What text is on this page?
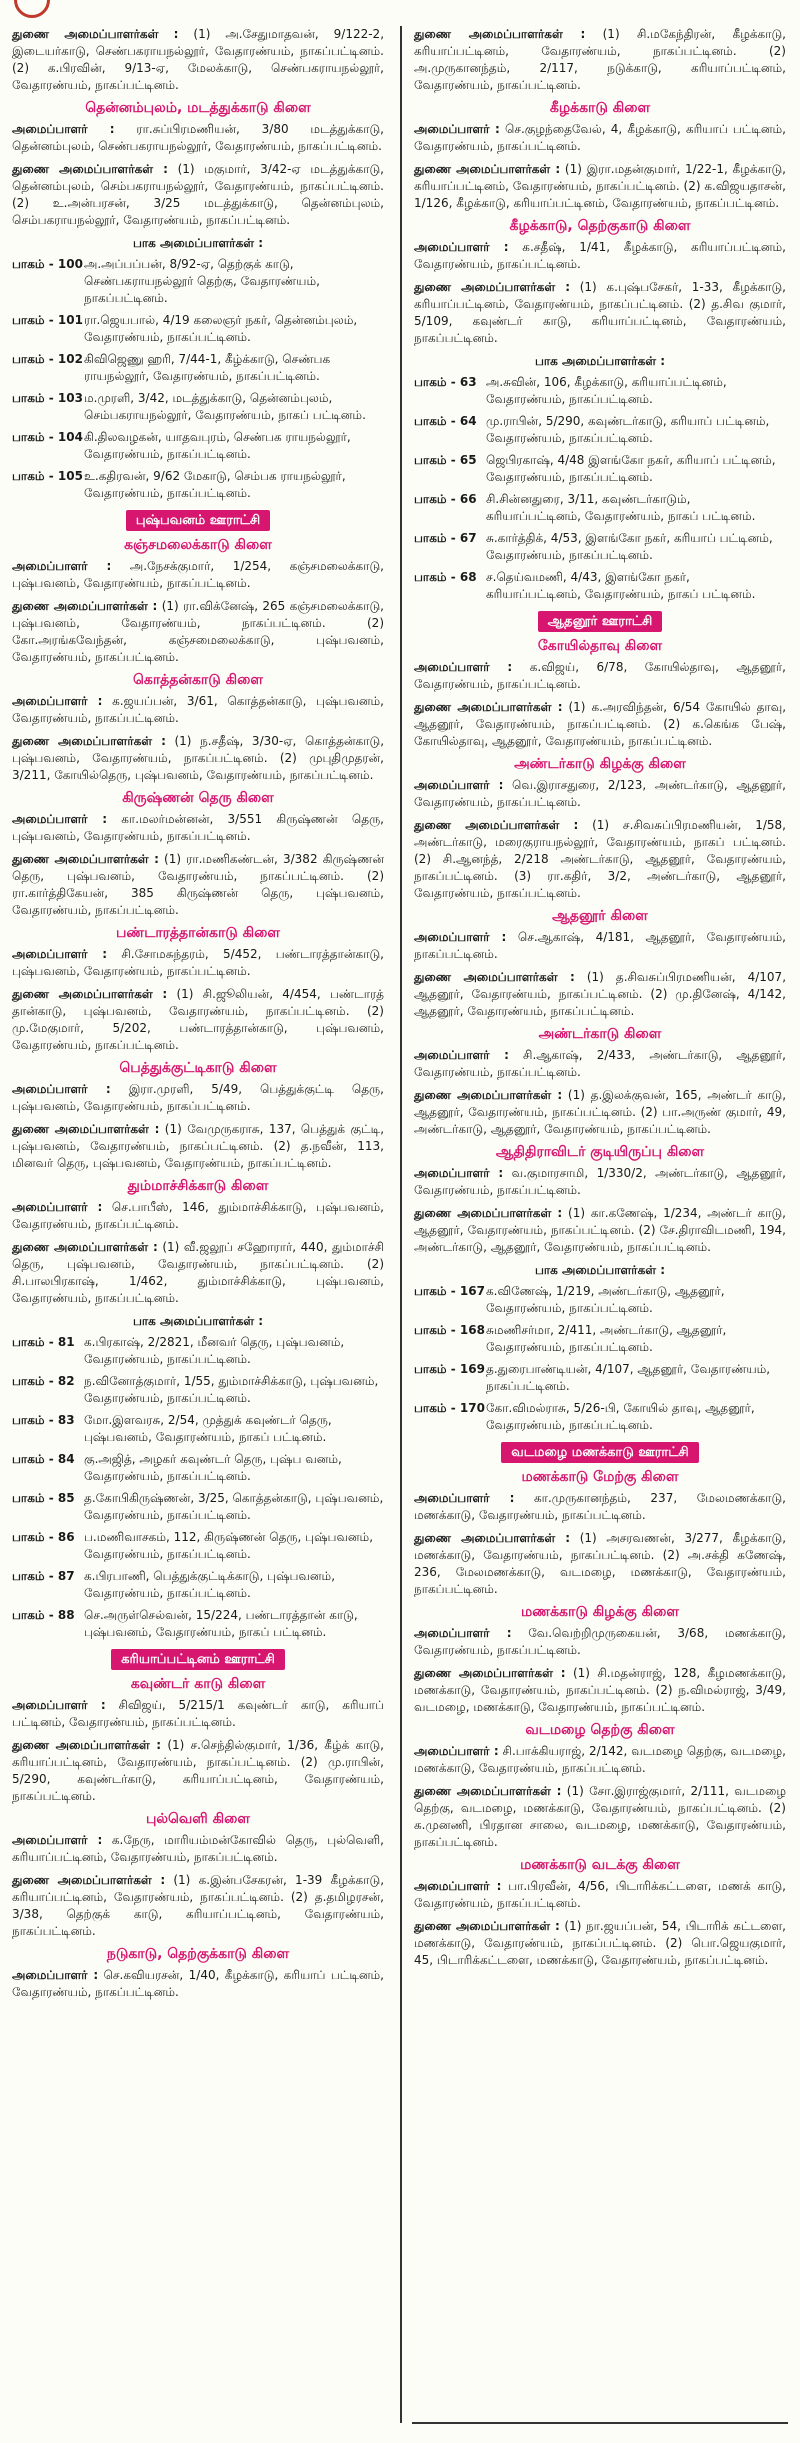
துணை அமைப்பாளர்கள் : (1) அ.சேதுமாதவன், 9/122-2, இடையர்காடு, செண்பகராயநல்லூர், வேதாரண்யம், நாகப்பட்டினம். (2) க.பிரவின், 9/13-ஏ, மேலக்காடு, செண்பகராயநல்லூர், வேதாரண்யம், நாகப்பட்டினம்.
தென்னம்புலம், மடத்துக்காடு கிளை
அமைப்பாளர் : ரா.சுப்பிரமணியன், 3/80 மடத்துக்காடு, தென்னம்புலம், செண்பகராயநல்லூர், வேதாரண்யம், நாகப்பட்டினம்.
துணை அமைப்பாளர்கள் : (1) மகுமார், 3/42-ஏ மடத்துக்காடு, தென்னம்புலம், செம்பகராயநல்லூர், வேதாரண்யம், நாகப்பட்டினம். (2) உ.அன்பரசன், 3/25 மடத்துக்காடு, தென்னம்புலம், செம்பகராயநல்லூர், வேதாரண்யம், நாகப்பட்டினம்.
பாக அமைப்பாளர்கள் :
பாகம் - 100 அ.அப்பப்பன், 8/92-ஏ, தெற்குக் காடு, செண்பகராயநல்லூர் தெற்கு, வேதாரண்யம், நாகப்பட்டினம்.
பாகம் - 101 ரா.ஜெயபால், 4/19 கலைஞர் நகர், தென்னம்புலம், வேதாரண்யம், நாகப்பட்டினம்.
பாகம் - 102 கிவிஜெணு ஹரி, 7/44-1, கீழ்க்காடு, செண்பக ராயநல்லூர், வேதாரண்யம், நாகப்பட்டினம்.
பாகம் - 103 ம.முரளி, 3/42, மடத்துக்காடு, தென்னம்புலம், செம்பகராயநல்லூர், வேதாரண்யம், நாகப் பட்டினம்.
பாகம் - 104 கி.திலவழகன், யாதவபுரம், செண்பக ராயநல்லூர், வேதாரண்யம், நாகப்பட்டினம்.
பாகம் - 105 உ.கதிரவன், 9/62 மேகாடு, செம்பக ராயநல்லூர், வேதாரண்யம், நாகப்பட்டினம்.
புஷ்பவனம் ஊராட்சி
கஞ்சமலைக்காடு கிளை
அமைப்பாளர் : அ.நேசக்குமார், 1/254, கஞ்சமலைக்காடு, புஷ்பவனம், வேதாரண்யம், நாகப்பட்டினம்.
துணை அமைப்பாளர்கள் : (1) ரா.விக்னேஷ், 265 கஞ்சமலைக்காடு, புஷ்பவனம், வேதாரண்யம், நாகப்பட்டினம். (2) கோ.அரங்கவேந்தன், கஞ்சமைலைக்காடு, புஷ்பவனம், வேதாரண்யம், நாகப்பட்டினம்.
கொத்தன்காடு கிளை
அமைப்பாளர் : க.ஜயப்பன், 3/61, கொத்தன்காடு, புஷ்பவனம், வேதாரண்யம், நாகப்பட்டினம்.
துணை அமைப்பாளர்கள் : (1) ந.சதீஷ், 3/30-ஏ, கொத்தன்காடு, புஷ்பவனம், வேதாரண்யம், நாகப்பட்டினம். (2) முபுதிமுதரன், 3/211, கோயில்தெரு, புஷ்பவனம், வேதாரண்யம், நாகப்பட்டினம்.
கிருஷ்ணன் தெரு கிளை
அமைப்பாளர் : கா.மலர்மன்னன், 3/551 கிருஷ்ணன் தெரு, புஷ்பவனம், வேதாரண்யம், நாகப்பட்டினம்.
துணை அமைப்பாளர்கள் : (1) ரா.மணிகண்டன், 3/382 கிருஷ்ணன் தெரு, புஷ்பவனம், வேதாரண்யம், நாகப்பட்டினம். (2) ரா.கார்த்திகேயன், 385 கிருஷ்ணன் தெரு, புஷ்பவனம், வேதாரண்யம், நாகப்பட்டினம்.
பண்டாரத்தான்காடு கிளை
அமைப்பாளர் : சி.சோமசுந்தரம், 5/452, பண்டாரத்தான்காடு, புஷ்பவனம், வேதாரண்யம், நாகப்பட்டினம்.
துணை அமைப்பாளர்கள் : (1) சி.ஜூலியன், 4/454, பண்டாரத் தான்காடு, புஷ்பவனம், வேதாரண்யம், நாகப்பட்டினம். (2) மு.மேகுமார், 5/202, பண்டாரத்தான்காடு, புஷ்பவனம், வேதாரண்யம், நாகப்பட்டினம்.
பெத்துக்குட்டிகாடு கிளை
அமைப்பாளர் : இரா.முரளி, 5/49, பெத்துக்குட்டி தெரு, புஷ்பவனம், வேதாரண்யம், நாகப்பட்டினம்.
துணை அமைப்பாளர்கள் : (1) வேமுருகராசு, 137, பெத்துக் குட்டி, புஷ்பவனம், வேதாரண்யம், நாகப்பட்டினம். (2) த.நவீன், 113, மினவர் தெரு, புஷ்பவனம், வேதாரண்யம், நாகப்பட்டினம்.
தும்மாச்சிக்காடு கிளை
அமைப்பாளர் : செ.பாபீஸ், 146, தும்மாச்சிக்காடு, புஷ்பவனம், வேதாரண்யம், நாகப்பட்டினம்.
துணை அமைப்பாளர்கள் : (1) வீ.ஜலூப் சஹோரார், 440, தும்மாச்சி தெரு, புஷ்பவனம், வேதாரண்யம், நாகப்பட்டினம். (2) சி.பாலபிரகாஷ், 1/462, தும்மாச்சிக்காடு, புஷ்பவனம், வேதாரண்யம், நாகப்பட்டினம்.
பாக அமைப்பாளர்கள் :
பாகம் - 81 க.பிரகாஷ், 2/2821, மீனவர் தெரு, புஷ்பவனம், வேதாரண்யம், நாகப்பட்டினம்.
பாகம் - 82 ந.வினோத்குமார், 1/55, தும்மாச்சிக்காடு, புஷ்பவனம், வேதாரண்யம், நாகப்பட்டினம்.
பாகம் - 83 மோ.இளவரசு, 2/54, முத்துக் கவுண்டர் தெரு, புஷ்பவனம், வேதாரண்யம், நாகப் பட்டினம்.
பாகம் - 84 கு.அஜித், அழகர் கவுண்டர் தெரு, புஷ்ப வனம், வேதாரண்யம், நாகப்பட்டினம்.
பாகம் - 85 த.கோபிகிருஷ்ணன், 3/25, கொத்தன்காடு, புஷ்பவனம், வேதாரண்யம், நாகப்பட்டினம்.
பாகம் - 86 ப.மணிவாசகம், 112, கிருஷ்ணன் தெரு, புஷ்பவனம், வேதாரண்யம், நாகப்பட்டினம்.
பாகம் - 87 க.பிரபாணி, பெத்துக்குட்டிக்காடு, புஷ்பவனம், வேதாரண்யம், நாகப்பட்டினம்.
பாகம் - 88 செ.அருள்செல்வன், 15/224, பண்டாரத்தான் காடு, புஷ்பவனம், வேதாரண்யம், நாகப் பட்டினம்.
கரியாப்பட்டினம் ஊராட்சி
கவுண்டர் காடு கிளை
அமைப்பாளர் : சிவிஜய், 5/215/1 கவுண்டர் காடு, கரியாப் பட்டினம், வேதாரண்யம், நாகப்பட்டினம்.
துணை அமைப்பாளர்கள் : (1) ச.செந்தில்குமார், 1/36, கீழ்க் காடு, கரியாப்பட்டினம், வேதாரண்யம், நாகப்பட்டினம். (2) மு.ராபின், 5/290, கவுண்டர்காடு, கரியாப்பட்டினம், வேதாரண்யம், நாகப்பட்டினம்.
புல்வெளி கிளை
அமைப்பாளர் : க.நேரு, மாரியம்மன்கோவில் தெரு, புல்வெளி, கரியாப்பட்டினம், வேதாரண்யம், நாகப்பட்டினம்.
துணை அமைப்பாளர்கள் : (1) க.இன்பசேகரன், 1-39 கீழக்காடு, கரியாப்பட்டினம், வேதாரண்யம், நாகப்பட்டினம். (2) த.தமிழரசன், 3/38, தெற்குக் காடு, கரியாப்பட்டினம், வேதாரண்யம், நாகப்பட்டினம்.
நடுகாடு, தெற்குக்காடு கிளை
அமைப்பாளர் : செ.கவியரசன், 1/40, கீழக்காடு, கரியாப் பட்டினம், வேதாரண்யம், நாகப்பட்டினம்.
துணை அமைப்பாளர்கள் : (1) சி.மகேந்திரன், கீழக்காடு, கரியாப்பட்டினம், வேதாரண்யம், நாகப்பட்டினம். (2) அ.முருகானந்தம், 2/117, நடுக்காடு, கரியாப்பட்டினம், வேதாரண்யம், நாகப்பட்டினம்.
கீழக்காடு கிளை
அமைப்பாளர் : செ.குழந்தைவேல், 4, கீழக்காடு, கரியாப் பட்டினம், வேதாரண்யம், நாகப்பட்டினம்.
துணை அமைப்பாளர்கள் : (1) இரா.மதன்குமார், 1/22-1, கீழக்காடு, கரியாப்பட்டினம், வேதாரண்யம், நாகப்பட்டினம். (2) க.விஜயதாசன், 1/126, கீழக்காடு, கரியாப்பட்டினம், வேதாரண்யம், நாகப்பட்டினம்.
கீழக்காடு, தெற்குகாடு கிளை
அமைப்பாளர் : க.சதீஷ், 1/41, கீழக்காடு, கரியாப்பட்டினம், வேதாரண்யம், நாகப்பட்டினம்.
துணை அமைப்பாளர்கள் : (1) க.புஷ்பசேகர், 1-33, கீழக்காடு, கரியாப்பட்டினம், வேதாரண்யம், நாகப்பட்டினம். (2) த.சிவ குமார், 5/109, கவுண்டர் காடு, கரியாப்பட்டினம், வேதாரண்யம், நாகப்பட்டினம்.
பாக அமைப்பாளர்கள் :
பாகம் - 63 அ.சுவின், 106, கீழக்காடு, கரியாப்பட்டினம், வேதாரண்யம், நாகப்பட்டினம்.
பாகம் - 64 மு.ராபின், 5/290, கவுண்டர்காடு, கரியாப் பட்டினம், வேதாரண்யம், நாகப்பட்டினம்.
பாகம் - 65 ஜெபிரகாஷ், 4/48 இளங்கோ நகர், கரியாப் பட்டினம், வேதாரண்யம், நாகப்பட்டினம்.
பாகம் - 66 சி.சின்னதுரை, 3/11, கவுண்டர்காடும், கரியாப்பட்டினம், வேதாரண்யம், நாகப் பட்டினம்.
பாகம் - 67 சு.கார்த்திக், 4/53, இளங்கோ நகர், கரியாப் பட்டினம், வேதாரண்யம், நாகப்பட்டினம்.
பாகம் - 68 ச.தெய்வமணி, 4/43, இளங்கோ நகர், கரியாப்பட்டினம், வேதாரண்யம், நாகப் பட்டினம்.
ஆதனூர் ஊராட்சி
கோயில்தாவு கிளை
அமைப்பாளர் : க.விஜய், 6/78, கோயில்தாவு, ஆதனூர், வேதாரண்யம், நாகப்பட்டினம்.
துணை அமைப்பாளர்கள் : (1) க.அரவிந்தன், 6/54 கோயில் தாவு, ஆதனூர், வேதாரண்யம், நாகப்பட்டினம். (2) க.கெங்க பேஷ், கோயில்தாவு, ஆதனூர், வேதாரண்யம், நாகப்பட்டினம்.
அண்டர்காடு கிழக்கு கிளை
அமைப்பாளர் : வெ.இராசதுரை, 2/123, அண்டர்காடு, ஆதனூர், வேதாரண்யம், நாகப்பட்டினம்.
துணை அமைப்பாளர்கள் : (1) ச.சிவசுப்பிரமணியன், 1/58, அண்டர்காடு, மரைகுராயநல்லூர், வேதாரண்யம், நாகப் பட்டினம். (2) சி.ஆனந்த், 2/218 அண்டர்காடு, ஆதனூர், வேதாரண்யம், நாகப்பட்டினம். (3) ரா.கதிர், 3/2, அண்டர்காடு, ஆதனூர், வேதாரண்யம், நாகப்பட்டினம்.
ஆதனூர் கிளை
அமைப்பாளர் : செ.ஆகாஷ், 4/181, ஆதனூர், வேதாரண்யம், நாகப்பட்டினம்.
துணை அமைப்பாளர்கள் : (1) த.சிவசுப்பிரமணியன், 4/107, ஆதனூர், வேதாரண்யம், நாகப்பட்டினம். (2) மு.தினேஷ், 4/142, ஆதனூர், வேதாரண்யம், நாகப்பட்டினம்.
அண்டர்காடு கிளை
அமைப்பாளர் : சி.ஆகாஷ், 2/433, அண்டர்காடு, ஆதனூர், வேதாரண்யம், நாகப்பட்டினம்.
துணை அமைப்பாளர்கள் : (1) த.இலக்குவன், 165, அண்டர் காடு, ஆதனூர், வேதாரண்யம், நாகப்பட்டினம். (2) பா.அருண் குமார், 49, அண்டர்காடு, ஆதனூர், வேதாரண்யம், நாகப்பட்டினம்.
ஆதிதிராவிடர் குடியிருப்பு கிளை
அமைப்பாளர் : வ.குமாரசாமி, 1/330/2, அண்டர்காடு, ஆதனூர், வேதாரண்யம், நாகப்பட்டினம்.
துணை அமைப்பாளர்கள் : (1) கா.கணேஷ், 1/234, அண்டர் காடு, ஆதனூர், வேதாரண்யம், நாகப்பட்டினம். (2) சே.திராவிடமணி, 194, அண்டர்காடு, ஆதனூர், வேதாரண்யம், நாகப்பட்டினம்.
பாக அமைப்பாளர்கள் :
பாகம் - 167 க.விணேஷ், 1/219, அண்டர்காடு, ஆதனூர், வேதாரண்யம், நாகப்பட்டினம்.
பாகம் - 168 சுமணிசர்மா, 2/411, அண்டர்காடு, ஆதனூர், வேதாரண்யம், நாகப்பட்டினம்.
பாகம் - 169 த.துரைபாண்டியன், 4/107, ஆதனூர், வேதாரண்யம், நாகப்பட்டினம்.
பாகம் - 170 கோ.விமல்ராசு, 5/26-பி, கோயில் தாவு, ஆதனூர், வேதாரண்யம், நாகப்பட்டினம்.
வடமழை மணக்காடு ஊராட்சி
மணக்காடு மேற்கு கிளை
அமைப்பாளர் : கா.முருகானந்தம், 237, மேலமணக்காடு, மணக்காடு, வேதாரண்யம், நாகப்பட்டினம்.
துணை அமைப்பாளர்கள் : (1) அசரவணன், 3/277, கீழக்காடு, மணக்காடு, வேதாரண்யம், நாகப்பட்டினம். (2) அ.சக்தி கணேஷ், 236, மேலமணக்காடு, வடமழை, மணக்காடு, வேதாரண்யம், நாகப்பட்டினம்.
மணக்காடு கிழக்கு கிளை
அமைப்பாளர் : வே.வெற்றிமுருகையன், 3/68, மணக்காடு, வேதாரண்யம், நாகப்பட்டினம்.
துணை அமைப்பாளர்கள் : (1) சி.மதன்ராஜ், 128, கீழமணக்காடு, மணக்காடு, வேதாரண்யம், நாகப்பட்டினம். (2) ந.விமல்ராஜ், 3/49, வடமழை, மணக்காடு, வேதாரண்யம், நாகப்பட்டினம்.
வடமழை தெற்கு கிளை
அமைப்பாளர் : சி.பாக்கியராஜ், 2/142, வடமழை தெற்கு, வடமழை, மணக்காடு, வேதாரண்யம், நாகப்பட்டினம்.
துணை அமைப்பாளர்கள் : (1) சோ.இராஜ்குமார், 2/111, வடமழை தெற்கு, வடமழை, மணக்காடு, வேதாரண்யம், நாகப்பட்டினம். (2) க.முனணி, பிரதான சாலை, வடமழை, மணக்காடு, வேதாரண்யம், நாகப்பட்டினம்.
மணக்காடு வடக்கு கிளை
அமைப்பாளர் : பா.பிரவீன், 4/56, பிடாரிக்கட்டளை, மணக் காடு, வேதாரண்யம், நாகப்பட்டினம்.
துணை அமைப்பாளர்கள் : (1) நா.ஜயப்பன், 54, பிடாரிக் கட்டளை, மணக்காடு, வேதாரண்யம், நாகப்பட்டினம். (2) பொ.ஜெயகுமார், 45, பிடாரிக்கட்டளை, மணக்காடு, வேதாரண்யம், நாகப்பட்டினம்.
